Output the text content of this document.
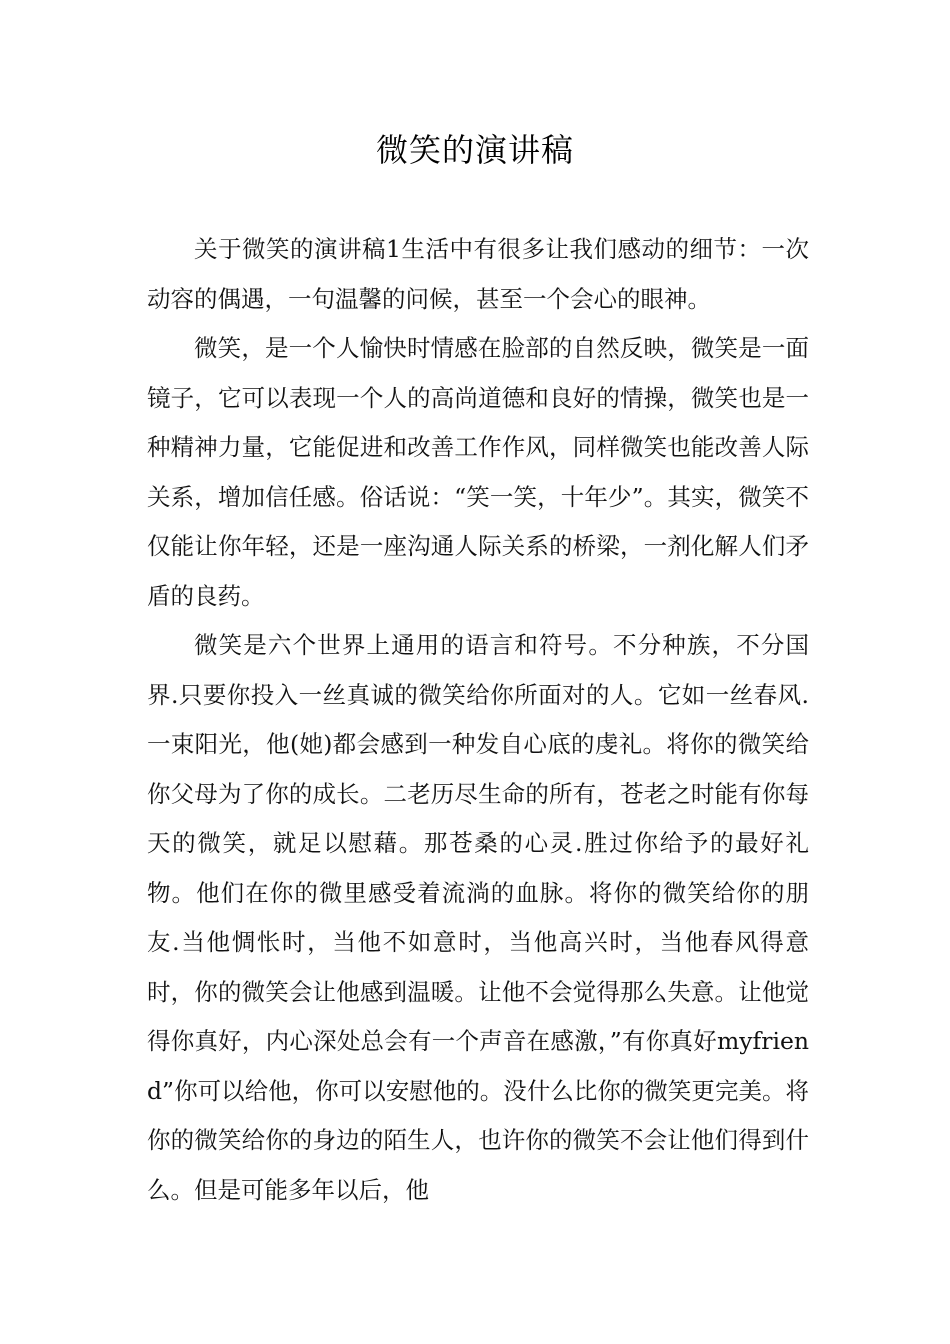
微笑的演讲稿

关于微笑的演讲稿1生活中有很多让我们感动的细节：一次动容的偶遇，一句温馨的问候，甚至一个会心的眼神。

微笑，是一个人愉快时情感在脸部的自然反映，微笑是一面镜子，它可以表现一个人的高尚道德和良好的情操，微笑也是一种精神力量，它能促进和改善工作作风，同样微笑也能改善人际关系，增加信任感。俗话说：“笑一笑，十年少”。其实，微笑不仅能让你年轻，还是一座沟通人际关系的桥梁，一剂化解人们矛盾的良药。

微笑是六个世界上通用的语言和符号。不分种族，不分国界.只要你投入一丝真诚的微笑给你所面对的人。它如一丝春风.一束阳光，他(她)都会感到一种发自心底的虔礼。将你的微笑给你父母为了你的成长。二老历尽生命的所有，苍老之时能有你每天的微笑，就足以慰藉。那苍桑的心灵.胜过你给予的最好礼物。他们在你的微里感受着流淌的血脉。将你的微笑给你的朋友.当他惆怅时，当他不如意时，当他高兴时，当他春风得意时，你的微笑会让他感到温暖。让他不会觉得那么失意。让他觉得你真好，内心深处总会有一个声音在感激，”有你真好myfriend”你可以给他，你可以安慰他的。没什么比你的微笑更完美。将你的微笑给你的身边的陌生人，也许你的微笑不会让他们得到什么。但是可能多年以后，他
